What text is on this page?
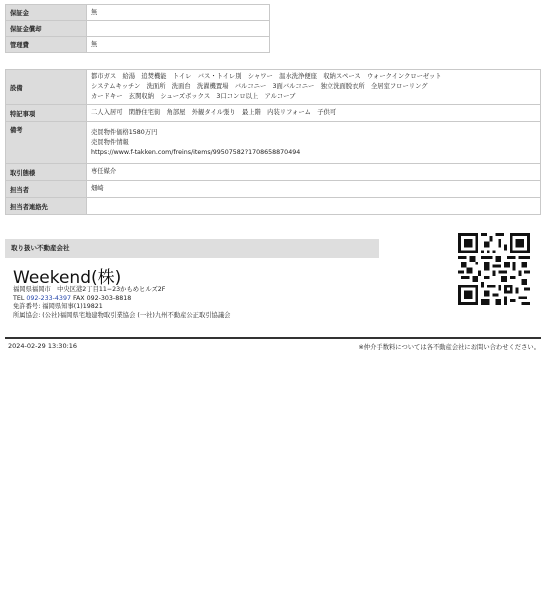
保証金	無
保証金償却	
管理費	無
設備	都市ガス　給湯　追焚機能　トイレ　バス・トイレ別　シャワー　温水洗浄便座　収納スペース　ウォークインクローゼット
システムキッチン　洗面所　洗面台　洗濯機置場　バルコニー　3面バルコニー　独立洗面脱衣所　全居室フローリング
カードキー　玄関収納　シューズボックス　3口コンロ以上　アルコーブ

特記事項	二人入居可　閑静住宅街　角部屋　外観タイル張り　最上階　内装リフォーム　子供可
備考	売買物件価格1580万円
売買物件情報
https://www.f-takken.com/freins/items/99507582?1708658870494

取引態様	専任媒介
担当者	畑崎
担当者連絡先	
取り扱い不動産会社
Weekend(株)
福岡県福岡市　中央区港2丁目11−23かもめヒルズ2F
TEL 092-233-4397 FAX 092-303-8818
免許番号: 福岡県知事(1)19821
所属協会: (公社)福岡県宅地建物取引業協会 (一社)九州不動産公正取引協議会
2024-02-29 13:30:16	※仲介手数料については各不動産会社にお問い合わせください。
